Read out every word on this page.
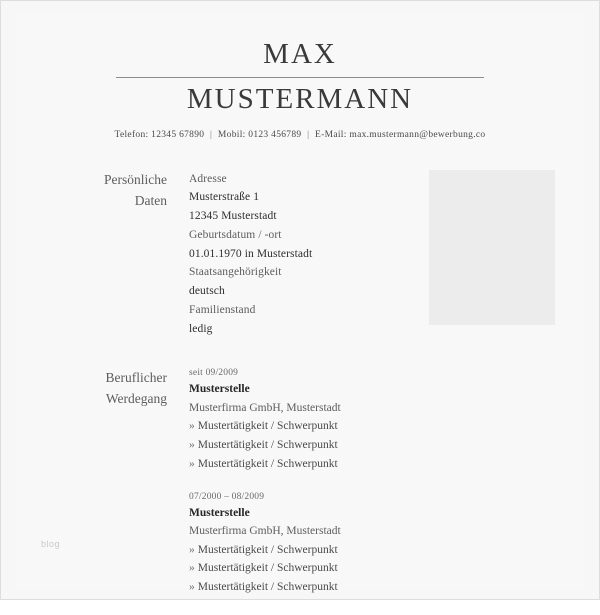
MAX
MUSTERMANN
Telefon: 12345 67890 | Mobil: 0123 456789 | E-Mail: max.mustermann@bewerbung.co
Persönliche
Daten
Adresse
Musterstraße 1
12345 Musterstadt
Geburtsdatum / -ort
01.01.1970 in Musterstadt
Staatsangehörigkeit
deutsch
Familienstand
ledig
Beruflicher
Werdegang
seit 09/2009
Musterstelle
Musterfirma GmbH, Musterstadt
» Mustertätigkeit / Schwerpunkt
» Mustertätigkeit / Schwerpunkt
» Mustertätigkeit / Schwerpunkt
07/2000 – 08/2009
Musterstelle
Musterfirma GmbH, Musterstadt
» Mustertätigkeit / Schwerpunkt
» Mustertätigkeit / Schwerpunkt
» Mustertätigkeit / Schwerpunkt
blog
